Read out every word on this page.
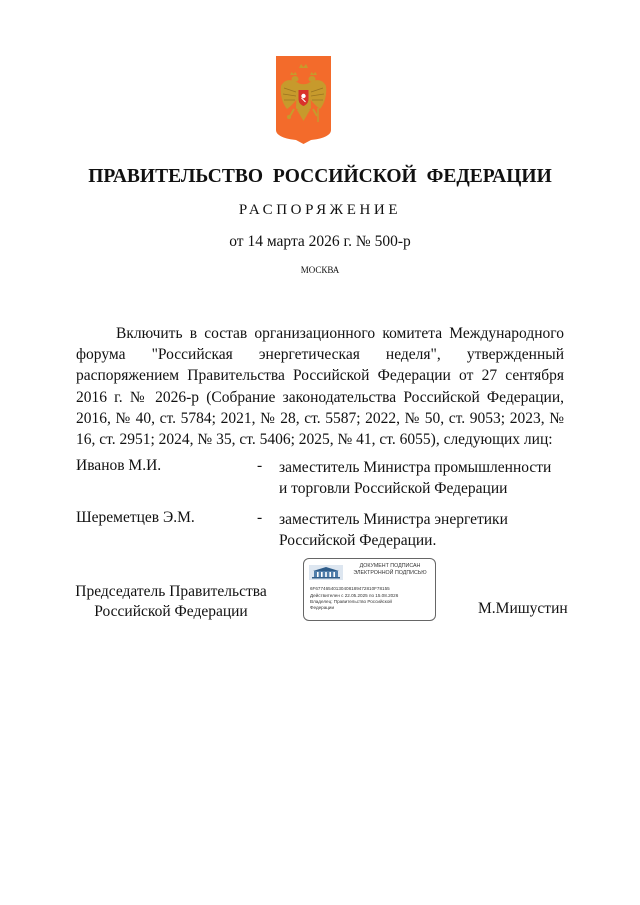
ПРАВИТЕЛЬСТВО РОССИЙСКОЙ ФЕДЕРАЦИИ
РАСПОРЯЖЕНИЕ
от 14 марта 2026 г. № 500-р
МОСКВА

Включить в состав организационного комитета Международного форума "Российская энергетическая неделя", утвержденный распоряжением Правительства Российской Федерации от 27 сентября 2016 г. № 2026-р (Собрание законодательства Российской Федерации, 2016, № 40, ст. 5784; 2021, № 28, ст. 5587; 2022, № 50, ст. 9053; 2023, № 16, ст. 2951; 2024, № 35, ст. 5406; 2025, № 41, ст. 6055), следующих лиц:

Иванов М.И.	- заместитель Министра промышленности
и торговли Российской Федерации
Шереметцев Э.М.	- заместитель Министра энергетики
Российской Федерации.
Председатель Правительства
Российской Федерации
ДОКУМЕНТ ПОДПИСАН
ЭЛЕКТРОННОЙ ПОДПИСЬЮ
6F67746540130408189472810F78155
Действителен с 22.05.2025 по 15.08.2026
Владелец: Правительство Российской
Федерации	М.Мишустин
